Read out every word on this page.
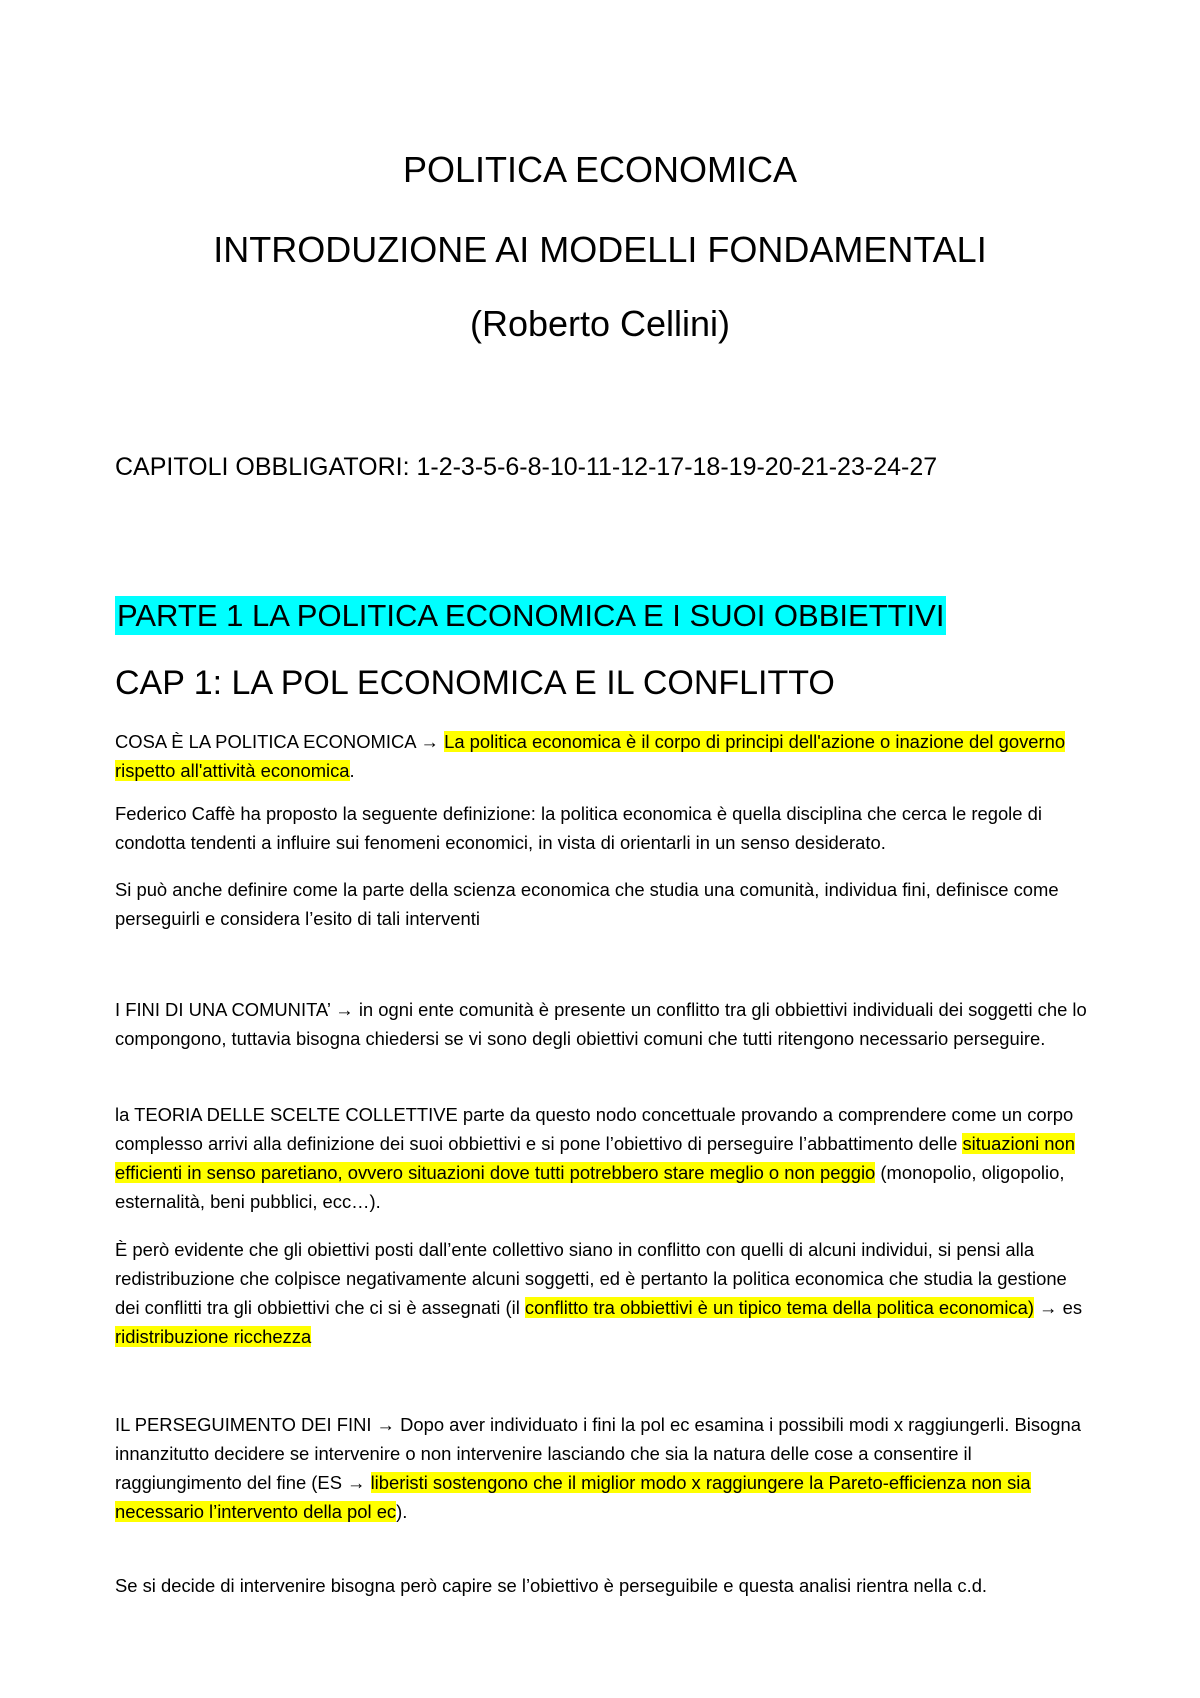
POLITICA ECONOMICA

INTRODUZIONE AI MODELLI FONDAMENTALI

(Roberto Cellini)

CAPITOLI OBBLIGATORI: 1-2-3-5-6-8-10-11-12-17-18-19-20-21-23-24-27
PARTE 1 LA POLITICA ECONOMICA E I SUOI OBBIETTIVI
CAP 1: LA POL ECONOMICA E IL CONFLITTO

COSA È LA POLITICA ECONOMICA → La politica economica è il corpo di principi dell'azione o inazione del governo rispetto all'attività economica.

Federico Caffè ha proposto la seguente definizione: la politica economica è quella disciplina che cerca le regole di condotta tendenti a influire sui fenomeni economici, in vista di orientarli in un senso desiderato.

Si può anche definire come la parte della scienza economica che studia una comunità, individua fini, definisce come perseguirli e considera l’esito di tali interventi

I FINI DI UNA COMUNITA’ → in ogni ente comunità è presente un conflitto tra gli obbiettivi individuali dei soggetti che lo compongono, tuttavia bisogna chiedersi se vi sono degli obiettivi comuni che tutti ritengono necessario perseguire.

la TEORIA DELLE SCELTE COLLETTIVE parte da questo nodo concettuale provando a comprendere come un corpo complesso arrivi alla definizione dei suoi obbiettivi e si pone l’obiettivo di perseguire l’abbattimento delle situazioni non efficienti in senso paretiano, ovvero situazioni dove tutti potrebbero stare meglio o non peggio (monopolio, oligopolio, esternalità, beni pubblici, ecc…).

È però evidente che gli obiettivi posti dall’ente collettivo siano in conflitto con quelli di alcuni individui, si pensi alla redistribuzione che colpisce negativamente alcuni soggetti, ed è pertanto la politica economica che studia la gestione dei conflitti tra gli obbiettivi che ci si è assegnati (il conflitto tra obbiettivi è un tipico tema della politica economica) → es ridistribuzione ricchezza

IL PERSEGUIMENTO DEI FINI → Dopo aver individuato i fini la pol ec esamina i possibili modi x raggiungerli. Bisogna innanzitutto decidere se intervenire o non intervenire lasciando che sia la natura delle cose a consentire il raggiungimento del fine (ES → liberisti sostengono che il miglior modo x raggiungere la Pareto-efficienza non sia necessario l’intervento della pol ec).

Se si decide di intervenire bisogna però capire se l’obiettivo è perseguibile e questa analisi rientra nella c.d.
